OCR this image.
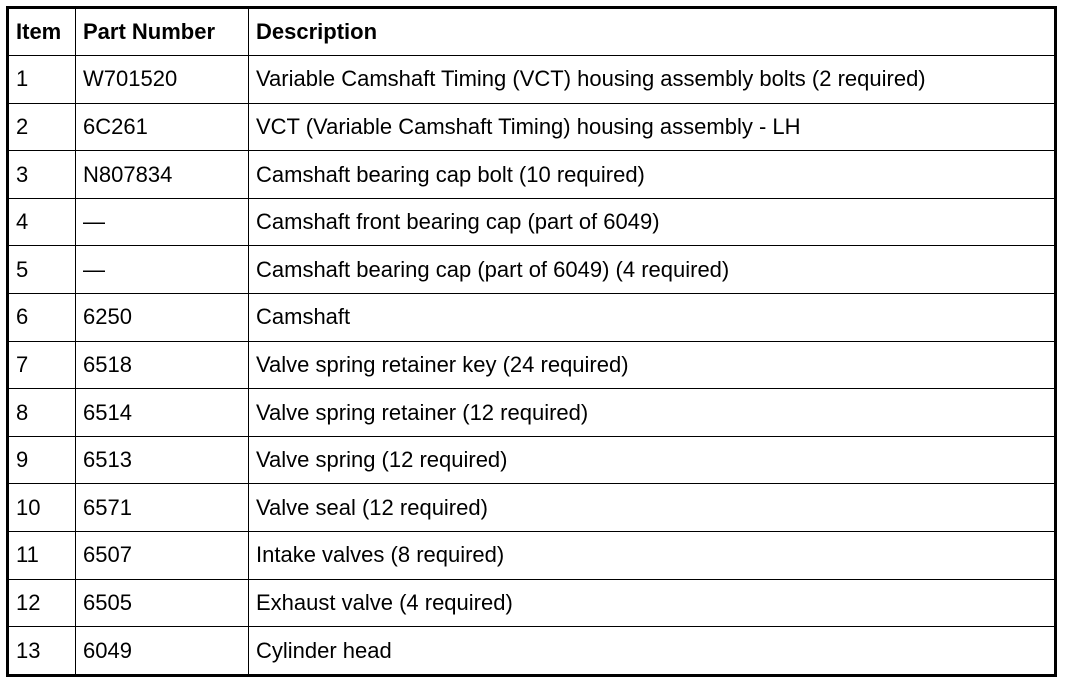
Item	Part Number	Description
1	W701520	Variable Camshaft Timing (VCT) housing assembly bolts (2 required)
2	6C261	VCT (Variable Camshaft Timing) housing assembly - LH
3	N807834	Camshaft bearing cap bolt (10 required)
4	—	Camshaft front bearing cap (part of 6049)
5	—	Camshaft bearing cap (part of 6049) (4 required)
6	6250	Camshaft
7	6518	Valve spring retainer key (24 required)
8	6514	Valve spring retainer (12 required)
9	6513	Valve spring (12 required)
10	6571	Valve seal (12 required)
11	6507	Intake valves (8 required)
12	6505	Exhaust valve (4 required)
13	6049	Cylinder head
